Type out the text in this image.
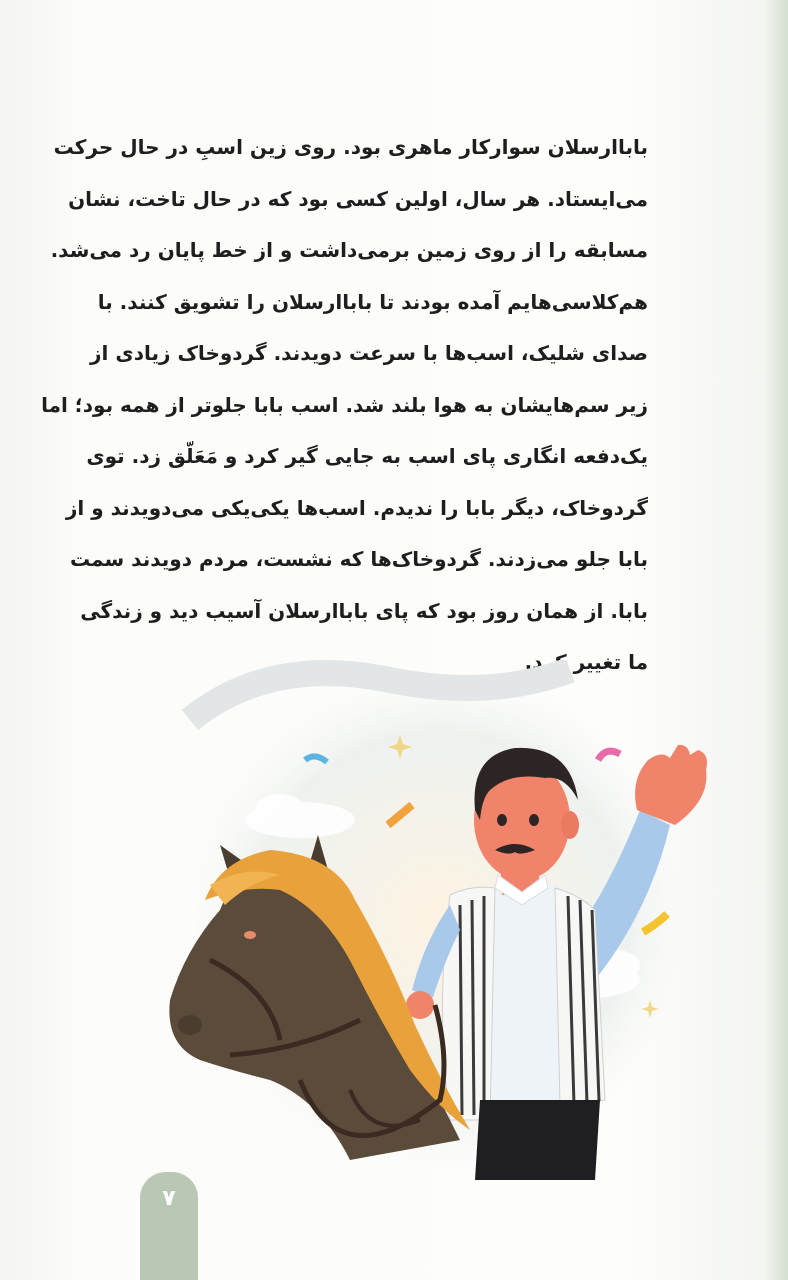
باباارسلان سوارکار ماهری بود. روی زین اسبِ در حال حرکت
می‌ایستاد. هر سال، اولین کسی بود که در حال تاخت، نشان
مسابقه را از روی زمین برمی‌داشت و از خط پایان رد می‌شد.
هم‌کلاسی‌هایم آمده بودند تا باباارسلان را تشویق کنند. با
صدای شلیک، اسب‌ها با سرعت دویدند. گردوخاک زیادی از
زیر سم‌هایشان به هوا بلند شد. اسب بابا جلوتر از همه بود؛ اما
یک‌دفعه انگاری پای اسب به جایی گیر کرد و مَعَلّق زد. توی
گردوخاک، دیگر بابا را ندیدم. اسب‌ها یکی‌یکی می‌دویدند و از
بابا جلو می‌زدند. گردوخاک‌ها که نشست، مردم دویدند سمت
بابا. از همان روز بود که پای باباارسلان آسیب دید و زندگی
ما تغییر کرد.
۷
